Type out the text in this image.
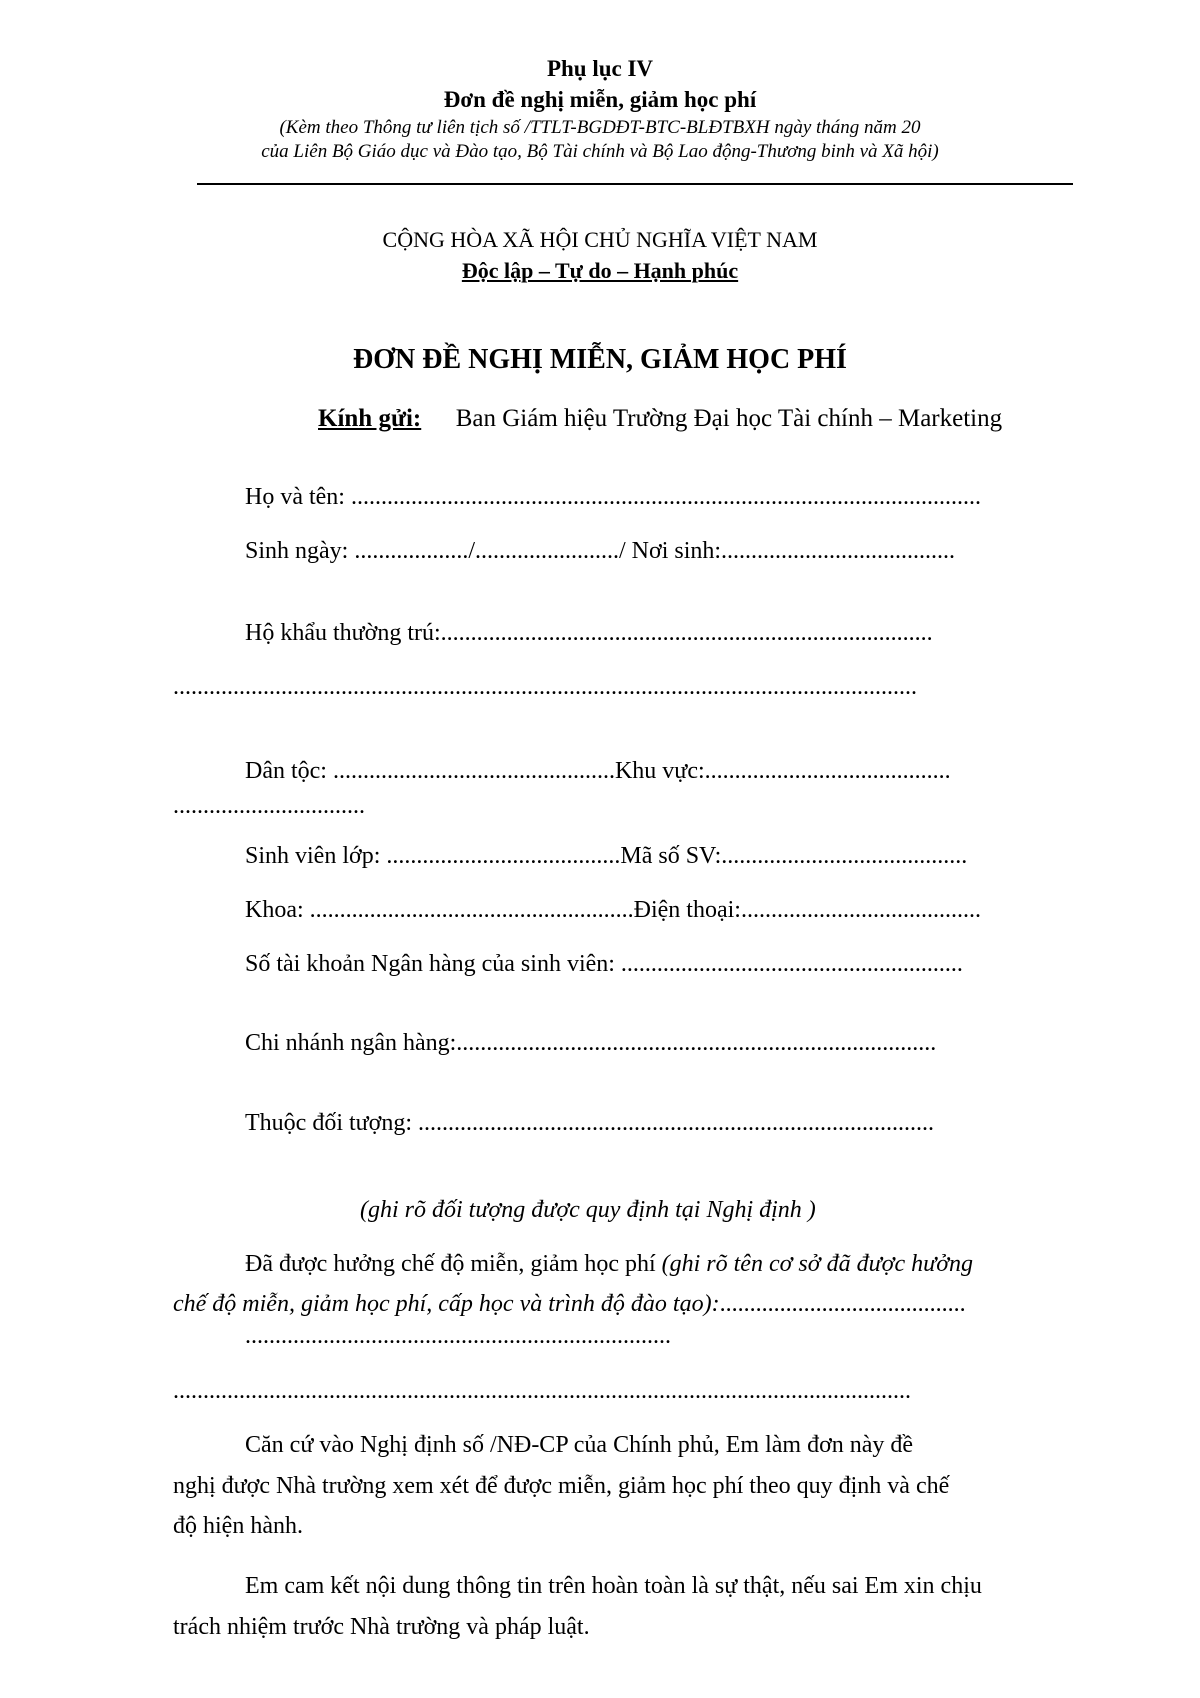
Phụ lục IV
Đơn đề nghị miễn, giảm học phí
(Kèm theo Thông tư liên tịch số /TTLT-BGDĐT-BTC-BLĐTBXH ngày tháng năm 20
của Liên Bộ Giáo dục và Đào tạo, Bộ Tài chính và Bộ Lao động-Thương binh và Xã hội)
CỘNG HÒA XÃ HỘI CHỦ NGHĨA VIỆT NAM
Độc lập – Tự do – Hạnh phúc
ĐƠN ĐỀ NGHỊ MIỄN, GIẢM HỌC PHÍ
Kính gửi: Ban Giám hiệu Trường Đại học Tài chính – Marketing
Họ và tên: .........................................................................................................
Sinh ngày: .................../......................../ Nơi sinh:.......................................
Hộ khẩu thường trú:..................................................................................
............................................................................................................................
Dân tộc: ...............................................Khu vực:.........................................
................................
Sinh viên lớp: .......................................Mã số SV:.........................................
Khoa: ......................................................Điện thoại:........................................
Số tài khoản Ngân hàng của sinh viên: .........................................................
Chi nhánh ngân hàng:................................................................................
Thuộc đối tượng: ......................................................................................
(ghi rõ đối tượng được quy định tại Nghị định )
Đã được hưởng chế độ miễn, giảm học phí (ghi rõ tên cơ sở đã được hưởng
chế độ miễn, giảm học phí, cấp học và trình độ đào tạo):.........................................
.......................................................................
...........................................................................................................................
Căn cứ vào Nghị định số /NĐ-CP của Chính phủ, Em làm đơn này đề
nghị được Nhà trường xem xét để được miễn, giảm học phí theo quy định và chế
độ hiện hành.
Em cam kết nội dung thông tin trên hoàn toàn là sự thật, nếu sai Em xin chịu
trách nhiệm trước Nhà trường và pháp luật.
